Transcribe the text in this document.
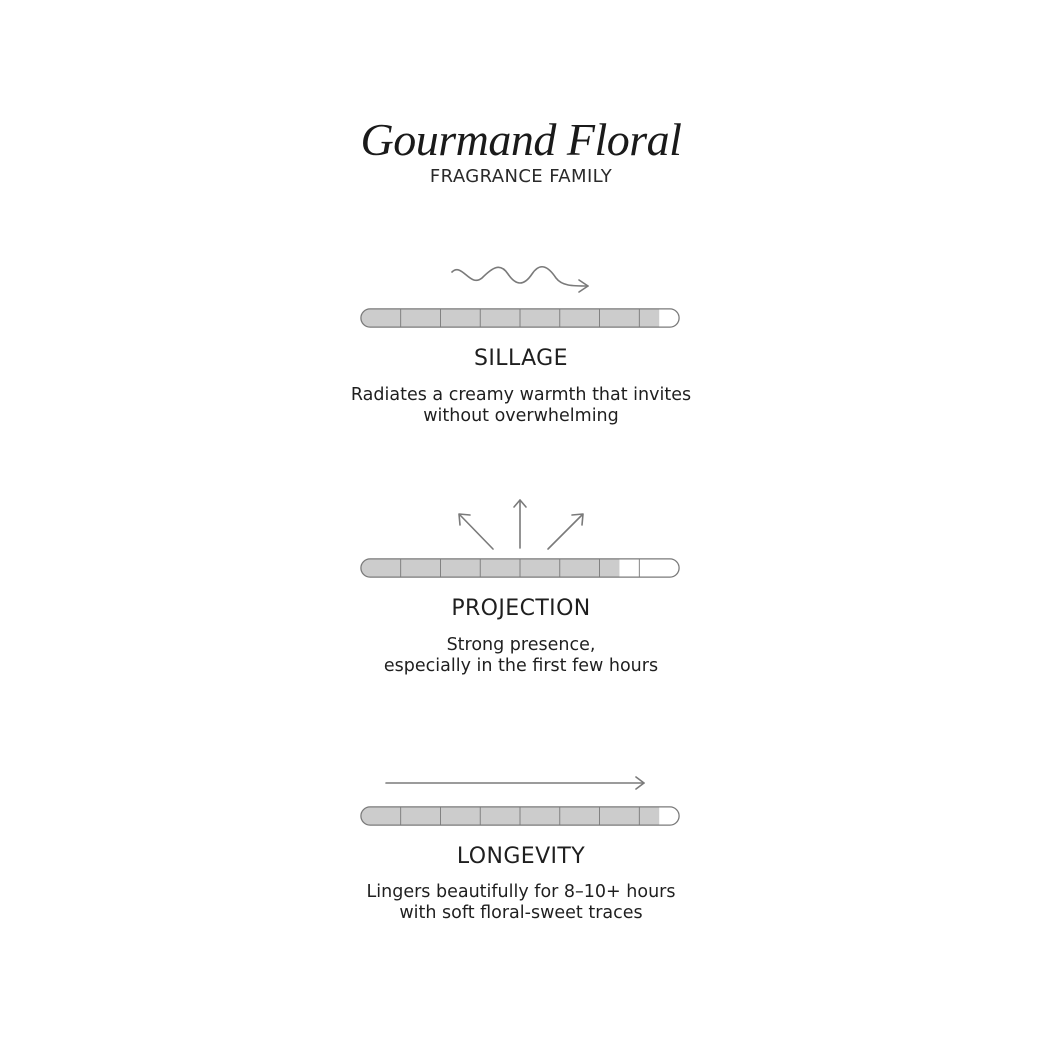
Gourmand Floral
FRAGRANCE FAMILY
SILLAGE
Radiates a creamy warmth that invites
without overwhelming
PROJECTION
Strong presence,
especially in the first few hours
LONGEVITY
Lingers beautifully for 8–10+ hours
with soft floral-sweet traces
